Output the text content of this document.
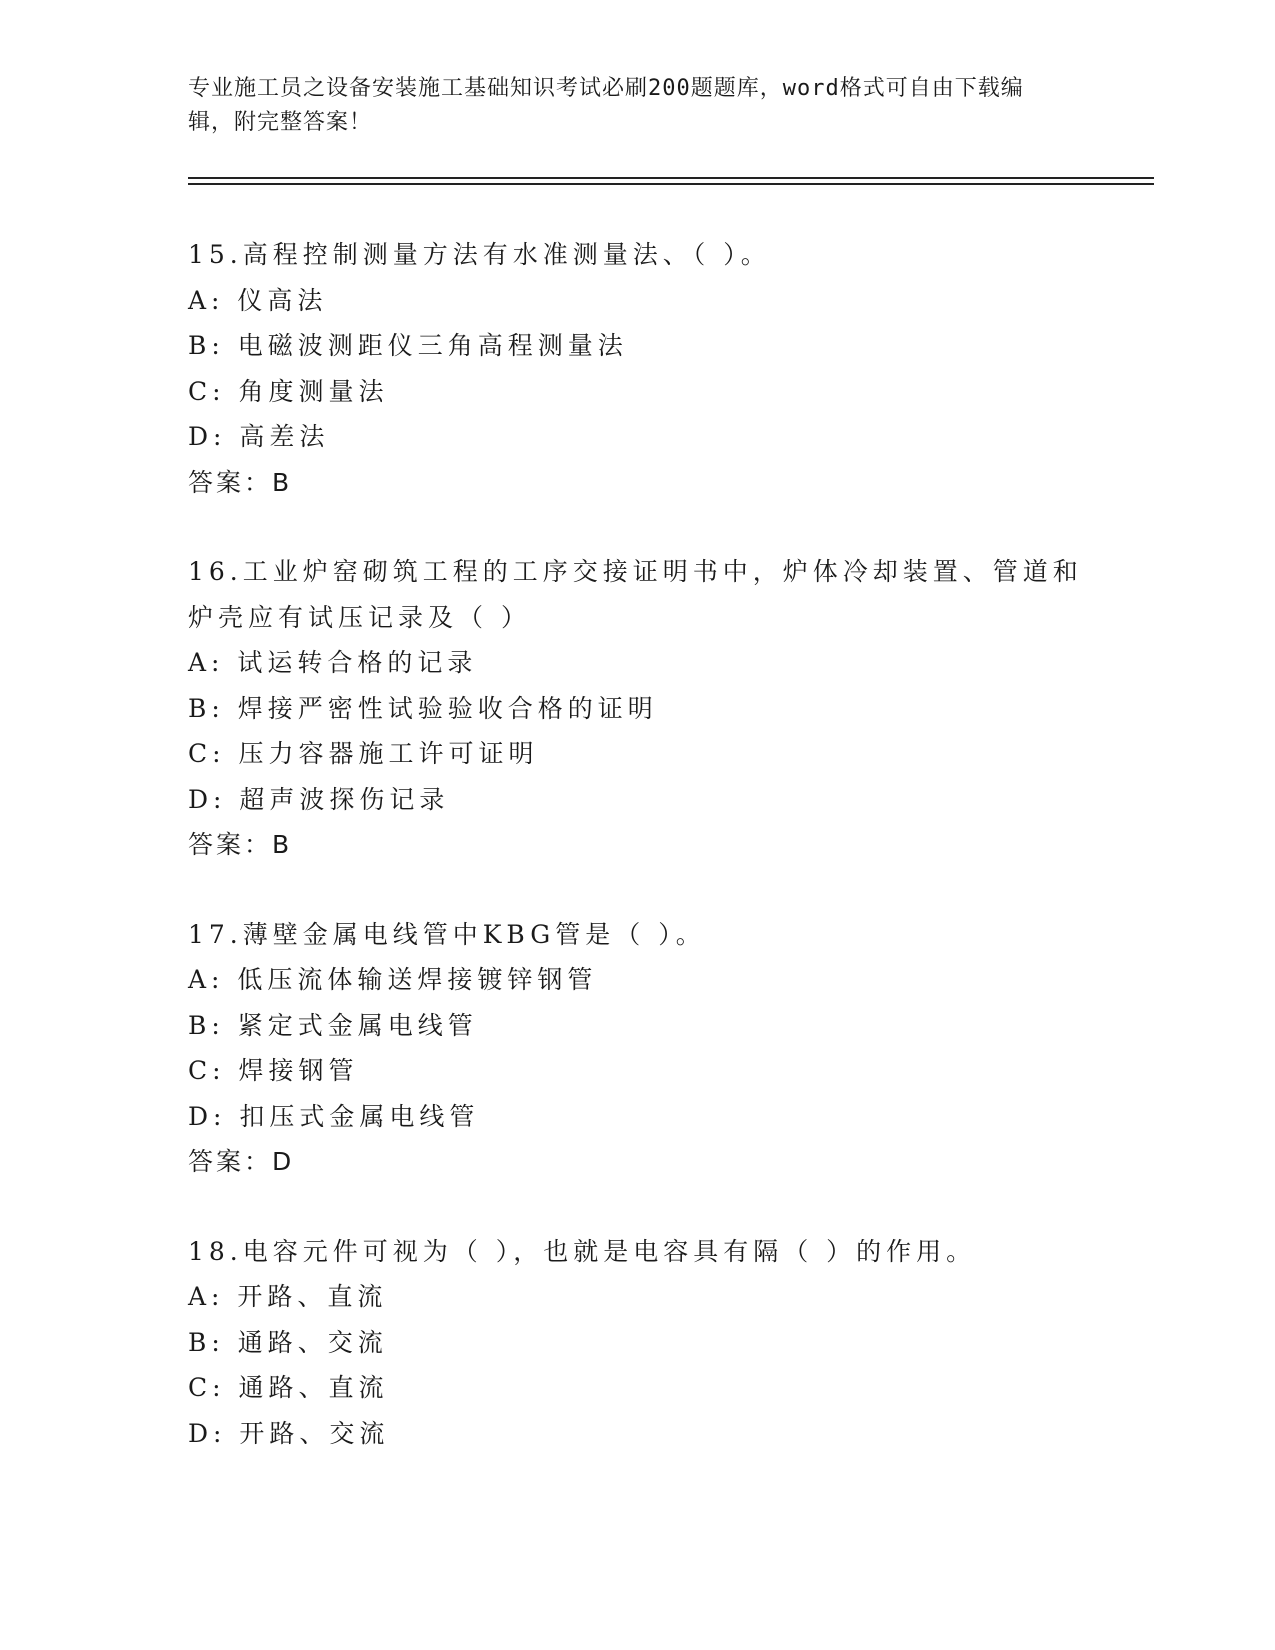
专业施工员之设备安装施工基础知识考试必刷200题题库，word格式可自由下载编辑，附完整答案！
15.高程控制测量方法有水准测量法、（ ）。
A: 仪高法
B: 电磁波测距仪三角高程测量法
C: 角度测量法
D: 高差法
答案：B
16.工业炉窑砌筑工程的工序交接证明书中，炉体冷却装置、管道和炉壳应有试压记录及（ ）
A: 试运转合格的记录
B: 焊接严密性试验验收合格的证明
C: 压力容器施工许可证明
D: 超声波探伤记录
答案：B
17.薄壁金属电线管中KBG管是（ ）。
A: 低压流体输送焊接镀锌钢管
B: 紧定式金属电线管
C: 焊接钢管
D: 扣压式金属电线管
答案：D
18.电容元件可视为（ ），也就是电容具有隔（ ）的作用。
A: 开路、直流
B: 通路、交流
C: 通路、直流
D: 开路、交流
